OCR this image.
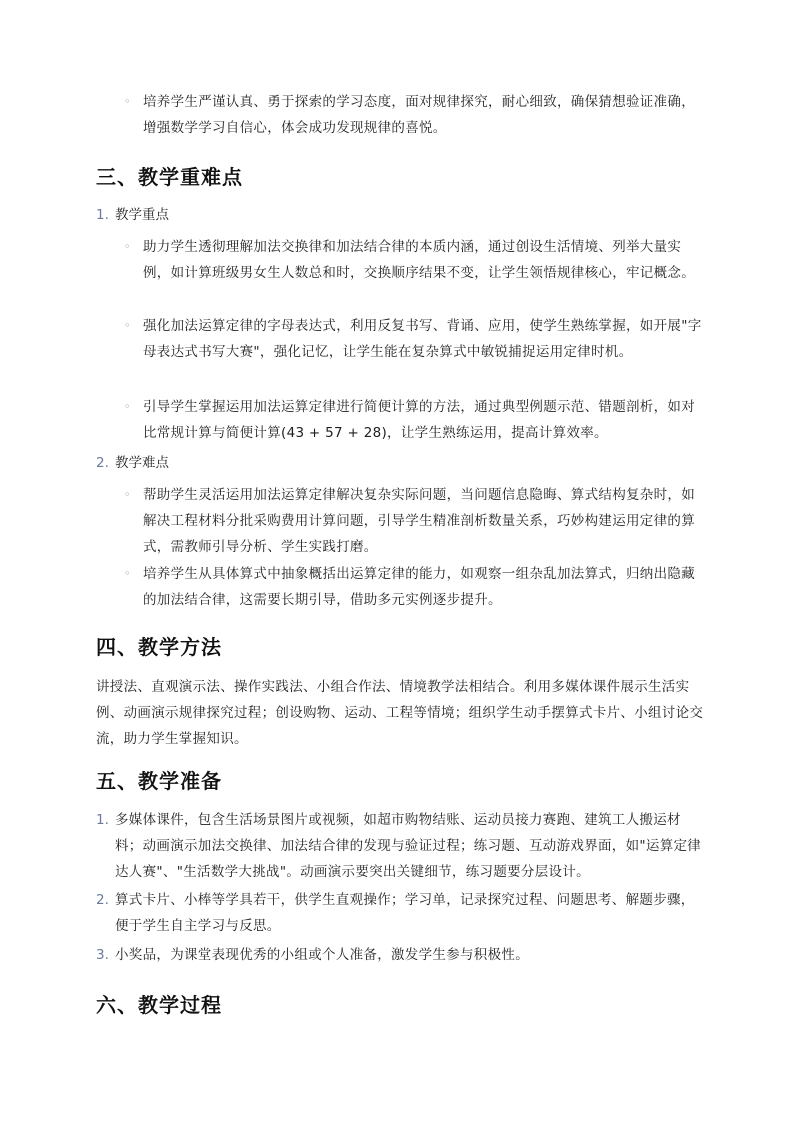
◦ 培养学生严谨认真、勇于探索的学习态度，面对规律探究，耐心细致，确保猜想验证准确，增强数学学习自信心，体会成功发现规律的喜悦。
三、教学重难点
1. 教学重点
◦ 助力学生透彻理解加法交换律和加法结合律的本质内涵，通过创设生活情境、列举大量实例，如计算班级男女生人数总和时，交换顺序结果不变，让学生领悟规律核心，牢记概念。
◦ 强化加法运算定律的字母表达式，利用反复书写、背诵、应用，使学生熟练掌握，如开展"字母表达式书写大赛"，强化记忆，让学生能在复杂算式中敏锐捕捉运用定律时机。
◦ 引导学生掌握运用加法运算定律进行简便计算的方法，通过典型例题示范、错题剖析，如对比常规计算与简便计算(43 + 57 + 28)，让学生熟练运用，提高计算效率。
2. 教学难点
◦ 帮助学生灵活运用加法运算定律解决复杂实际问题，当问题信息隐晦、算式结构复杂时，如解决工程材料分批采购费用计算问题，引导学生精准剖析数量关系，巧妙构建运用定律的算式，需教师引导分析、学生实践打磨。
◦ 培养学生从具体算式中抽象概括出运算定律的能力，如观察一组杂乱加法算式，归纳出隐藏的加法结合律，这需要长期引导，借助多元实例逐步提升。
四、教学方法
讲授法、直观演示法、操作实践法、小组合作法、情境教学法相结合。利用多媒体课件展示生活实例、动画演示规律探究过程；创设购物、运动、工程等情境；组织学生动手摆算式卡片、小组讨论交流，助力学生掌握知识。
五、教学准备
1. 多媒体课件，包含生活场景图片或视频，如超市购物结账、运动员接力赛跑、建筑工人搬运材料；动画演示加法交换律、加法结合律的发现与验证过程；练习题、互动游戏界面，如"运算定律达人赛"、"生活数学大挑战"。动画演示要突出关键细节，练习题要分层设计。
2. 算式卡片、小棒等学具若干，供学生直观操作；学习单，记录探究过程、问题思考、解题步骤，便于学生自主学习与反思。
3. 小奖品，为课堂表现优秀的小组或个人准备，激发学生参与积极性。
六、教学过程
